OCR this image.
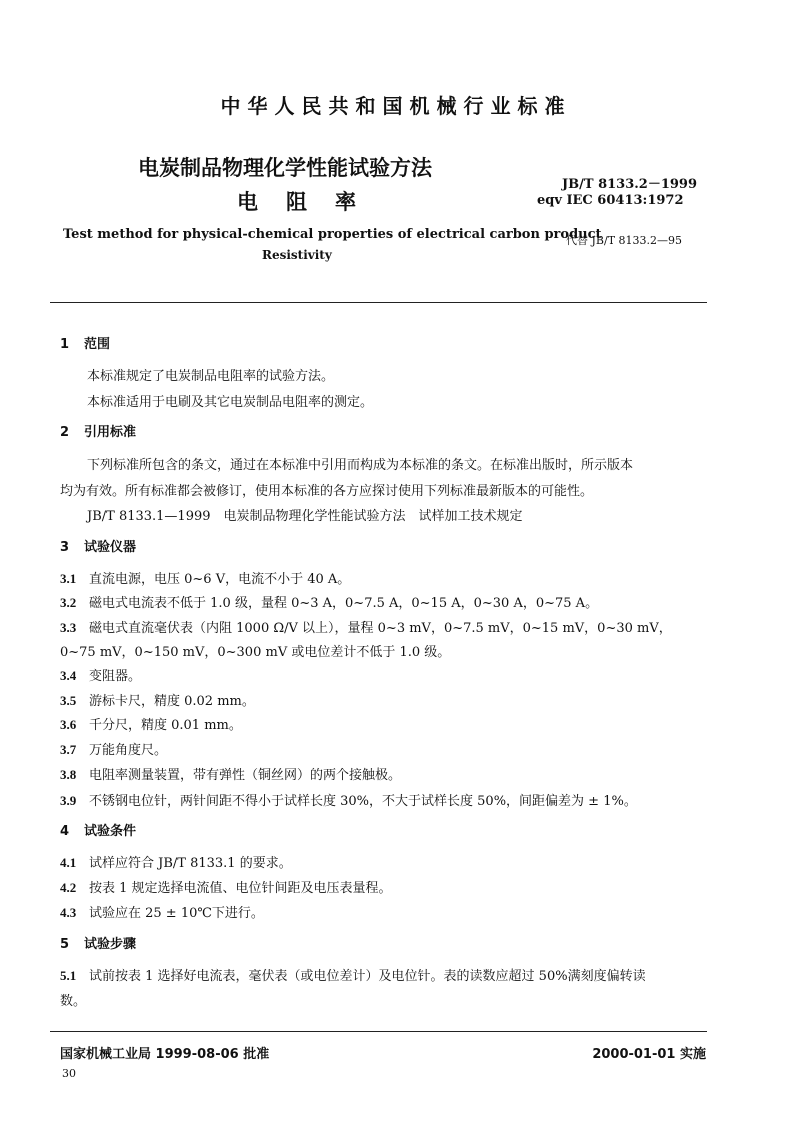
中华人民共和国机械行业标准
电炭制品物理化学性能试验方法
电阻率
JB/T 8133.2－1999
eqv IEC 60413:1972
Test method for physical-chemical properties of electrical carbon product
Resistivity
代替 JB/T 8133.2—95
1 范围
本标准规定了电炭制品电阻率的试验方法。
本标准适用于电刷及其它电炭制品电阻率的测定。
2 引用标准
下列标准所包含的条文，通过在本标准中引用而构成为本标准的条文。在标准出版时，所示版本
均为有效。所有标准都会被修订，使用本标准的各方应探讨使用下列标准最新版本的可能性。
JB/T 8133.1—1999　电炭制品物理化学性能试验方法　试样加工技术规定
3 试验仪器
3.1 直流电源，电压 0~6 V，电流不小于 40 A。
3.2 磁电式电流表不低于 1.0 级，量程 0~3 A，0~7.5 A，0~15 A，0~30 A，0~75 A。
3.3 磁电式直流毫伏表（内阻 1000 Ω/V 以上），量程 0~3 mV，0~7.5 mV，0~15 mV，0~30 mV，
0~75 mV，0~150 mV，0~300 mV 或电位差计不低于 1.0 级。
3.4 变阻器。
3.5 游标卡尺，精度 0.02 mm。
3.6 千分尺，精度 0.01 mm。
3.7 万能角度尺。
3.8 电阻率测量装置，带有弹性（铜丝网）的两个接触极。
3.9 不锈钢电位针，两针间距不得小于试样长度 30%，不大于试样长度 50%，间距偏差为 ± 1%。
4 试验条件
4.1 试样应符合 JB/T 8133.1 的要求。
4.2 按表 1 规定选择电流值、电位针间距及电压表量程。
4.3 试验应在 25 ± 10℃下进行。
5 试验步骤
5.1 试前按表 1 选择好电流表，毫伏表（或电位差计）及电位针。表的读数应超过 50%满刻度偏转读
数。
国家机械工业局 1999-08-06 批准	2000-01-01 实施
30
